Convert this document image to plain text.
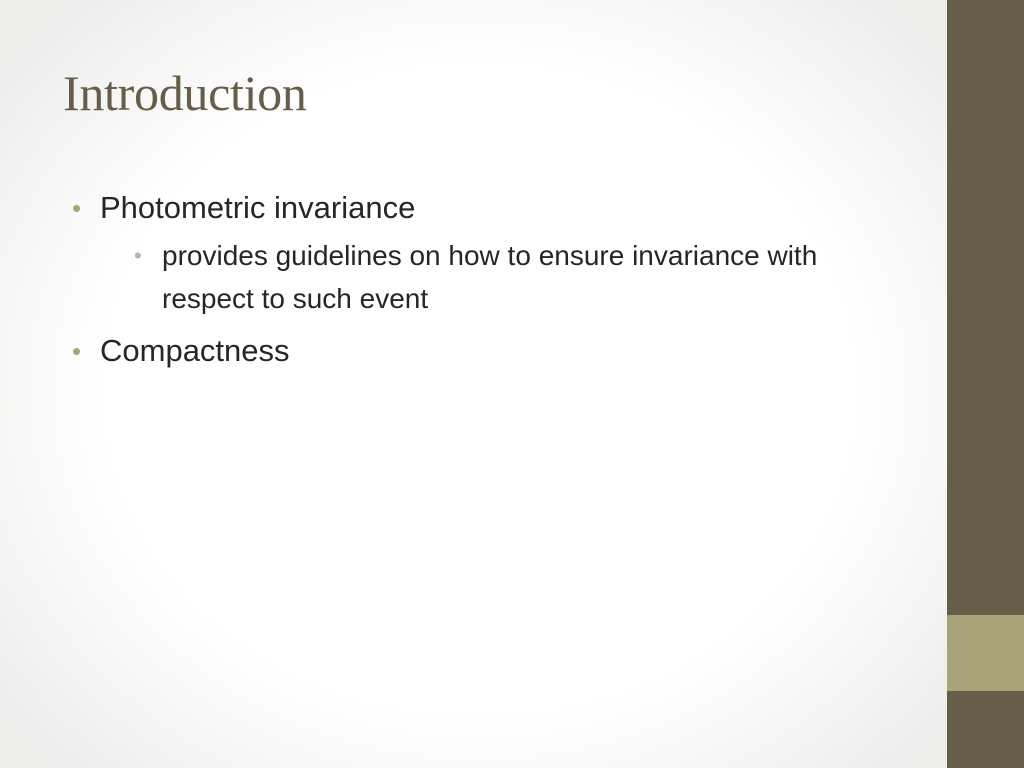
Introduction
• Photometric invariance
• provides guidelines on how to ensure invariance with respect to such event
• Compactness
